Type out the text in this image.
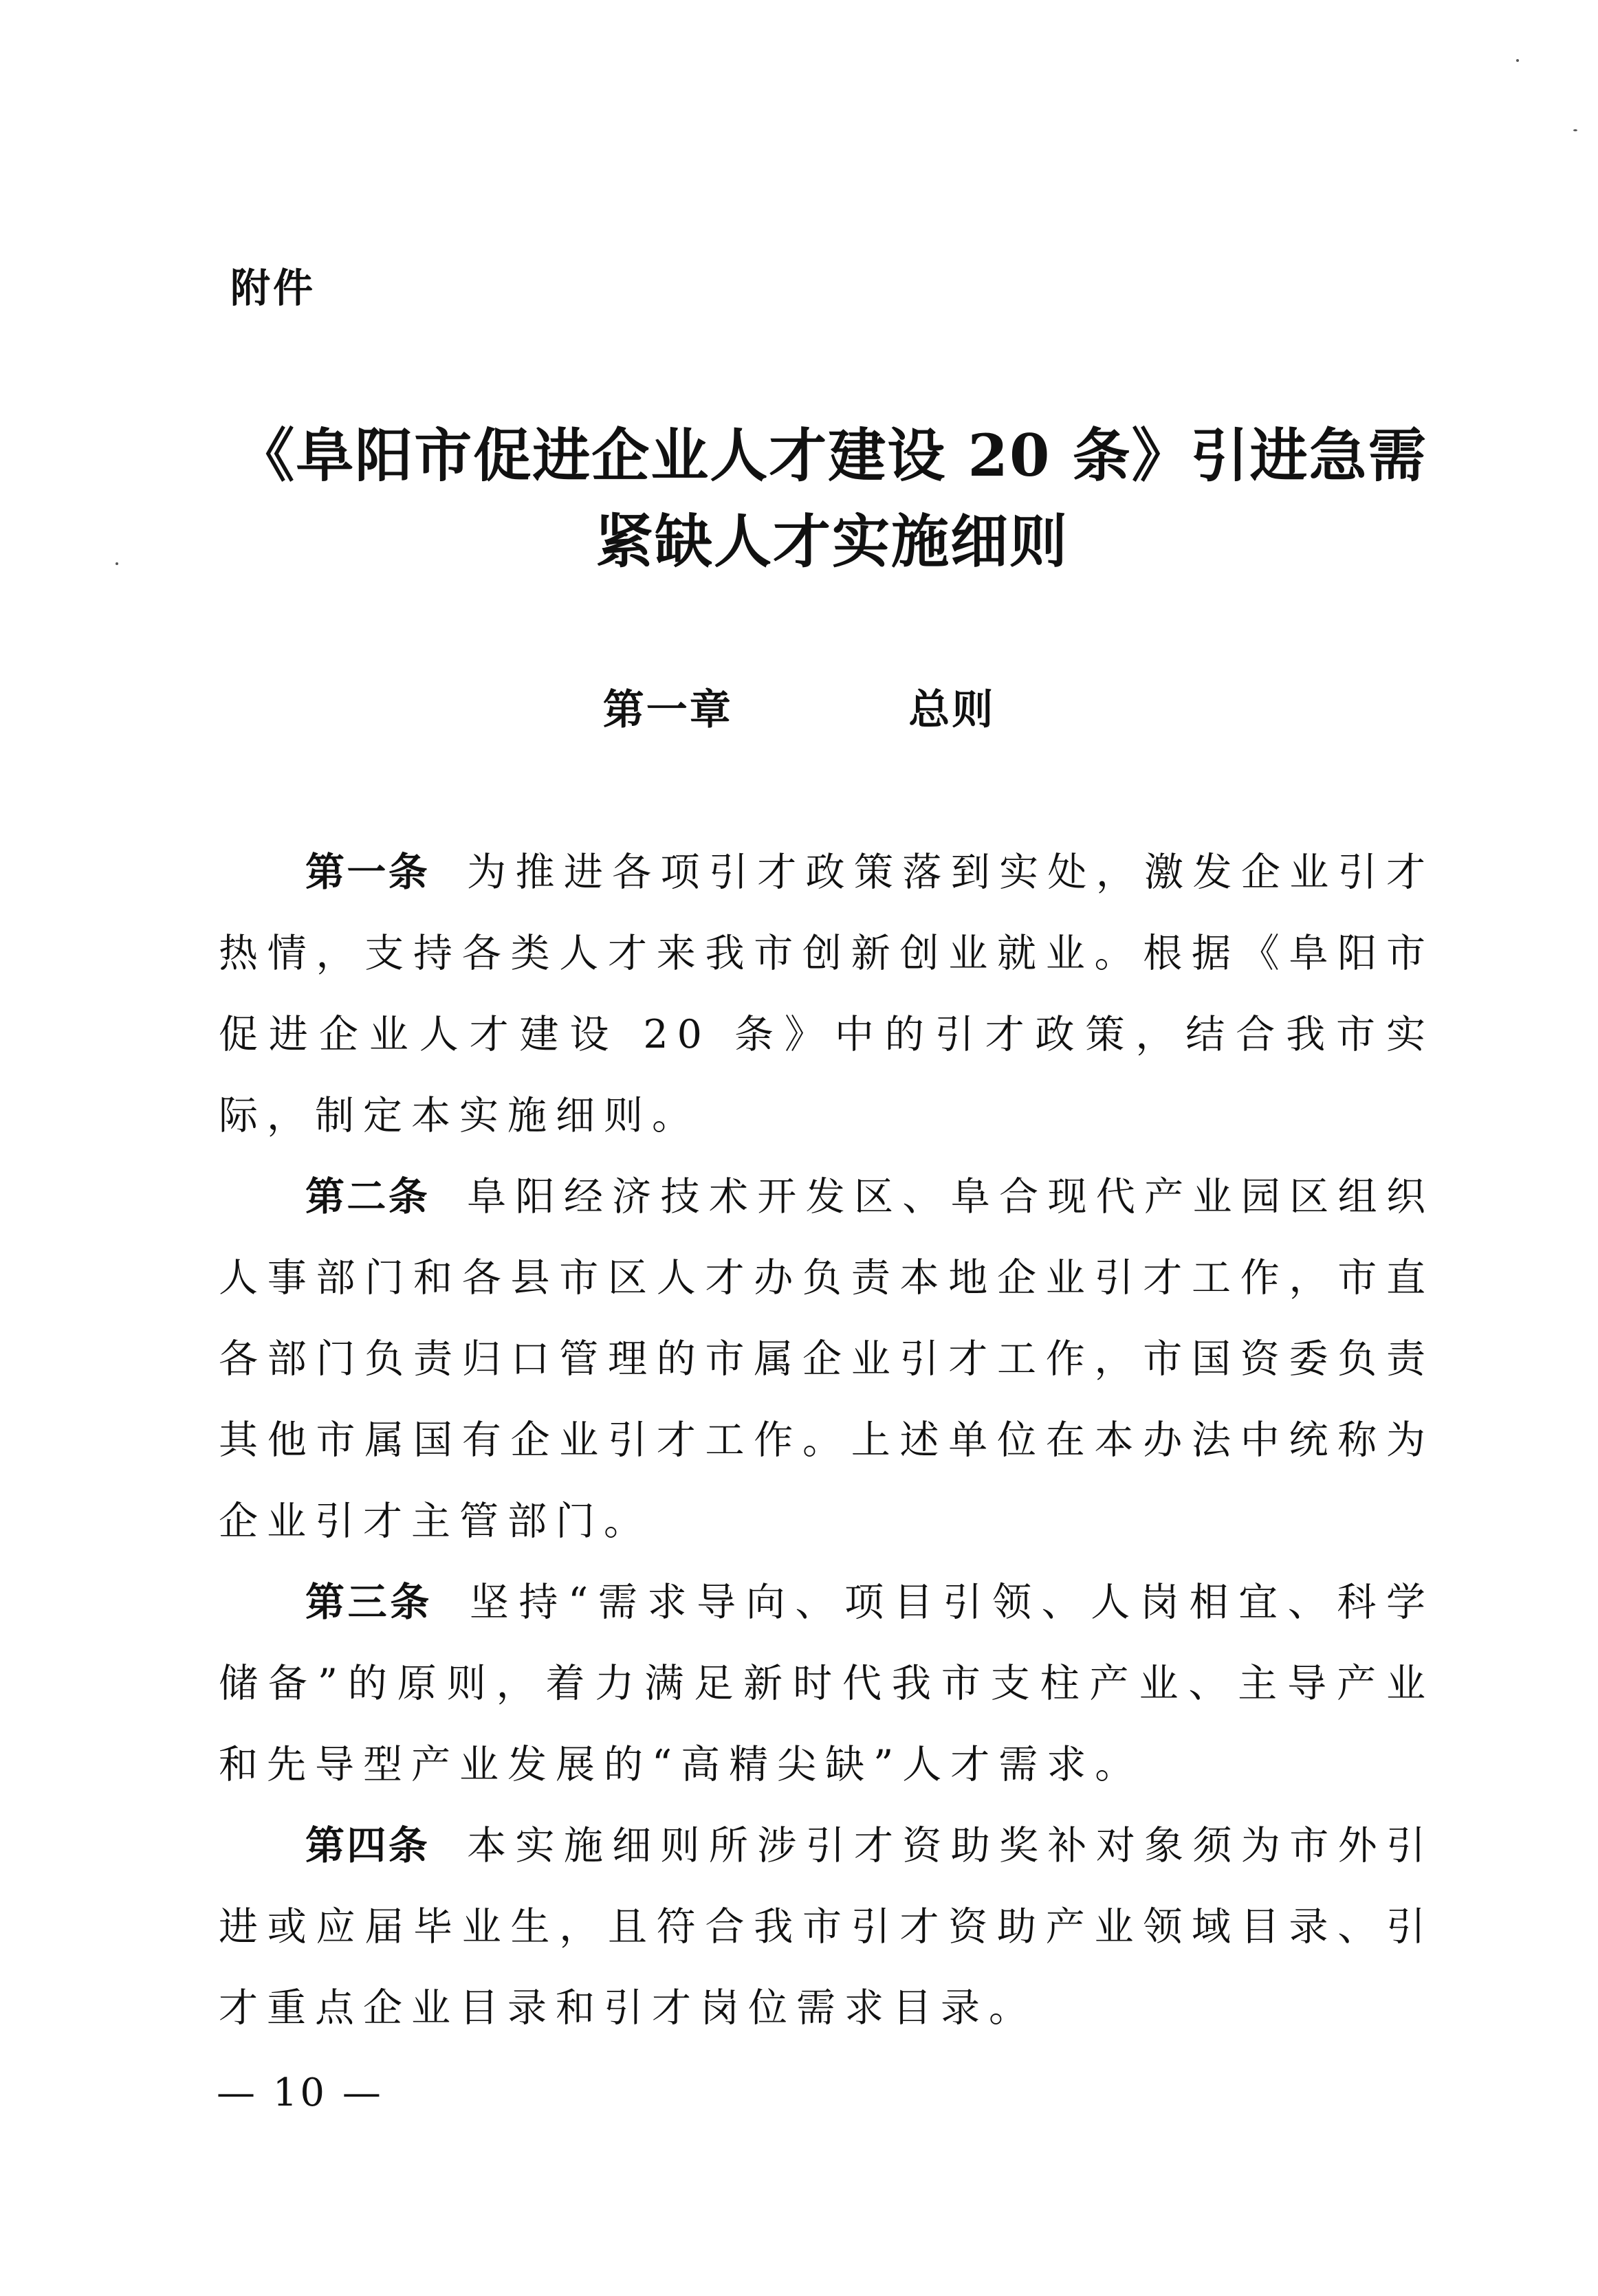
附件
《阜阳市促进企业人才建设 20 条》引进急需
紧缺人才实施细则
第一章    总则

第一条 为推进各项引才政策落到实处，激发企业引才热情，支持各类人才来我市创新创业就业。根据《阜阳市促进企业人才建设 20 条》中的引才政策，结合我市实际，制定本实施细则。

第二条 阜阳经济技术开发区、阜合现代产业园区组织人事部门和各县市区人才办负责本地企业引才工作，市直各部门负责归口管理的市属企业引才工作，市国资委负责其他市属国有企业引才工作。上述单位在本办法中统称为企业引才主管部门。

第三条 坚持“需求导向、项目引领、人岗相宜、科学储备”的原则，着力满足新时代我市支柱产业、主导产业和先导型产业发展的“高精尖缺”人才需求。

第四条 本实施细则所涉引才资助奖补对象须为市外引进或应届毕业生，且符合我市引才资助产业领域目录、引才重点企业目录和引才岗位需求目录。

— 10 —
